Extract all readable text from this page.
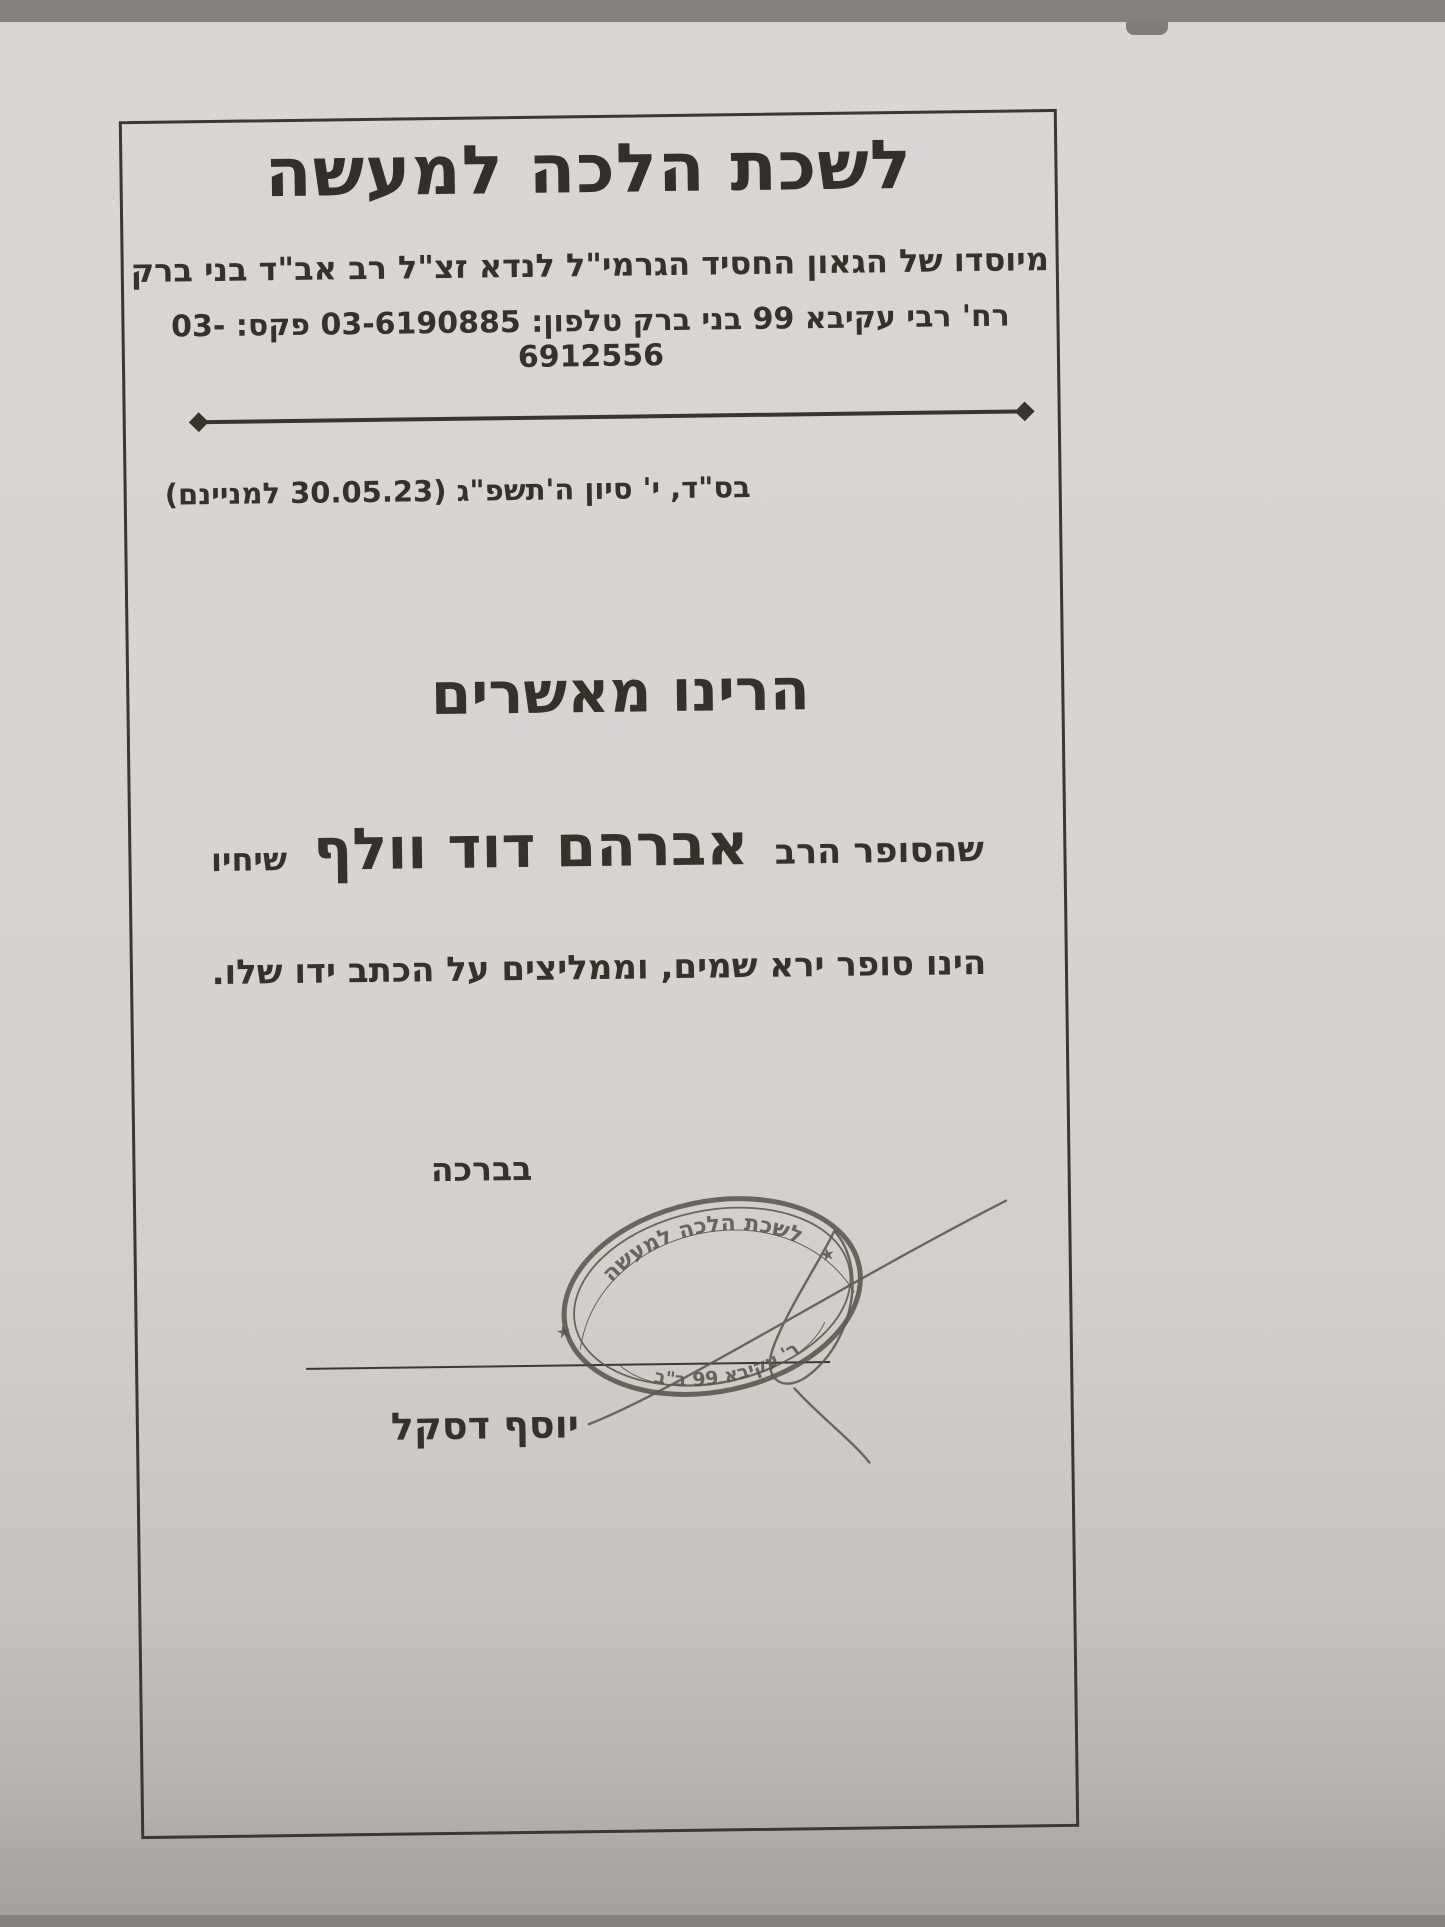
לשכת הלכה למעשה
מיוסדו של הגאון החסיד הגרמי"ל לנדא זצ"ל רב אב"ד בני ברק
רח' רבי עקיבא 99 בני ברק טלפון: 03-6190885 פקס: 03-6912556
בס"ד, י' סיון ה'תשפ"ג (30.05.23 למניינם)
הרינו מאשרים
שהסופר הרב אברהם דוד וולף שיחיו
הינו סופר ירא שמים, וממליצים על הכתב ידו שלו.
בברכה
לשכת הלכה למעשה
ר' עקיבא 99 ב"ב
★
★
יוסף דסקל
